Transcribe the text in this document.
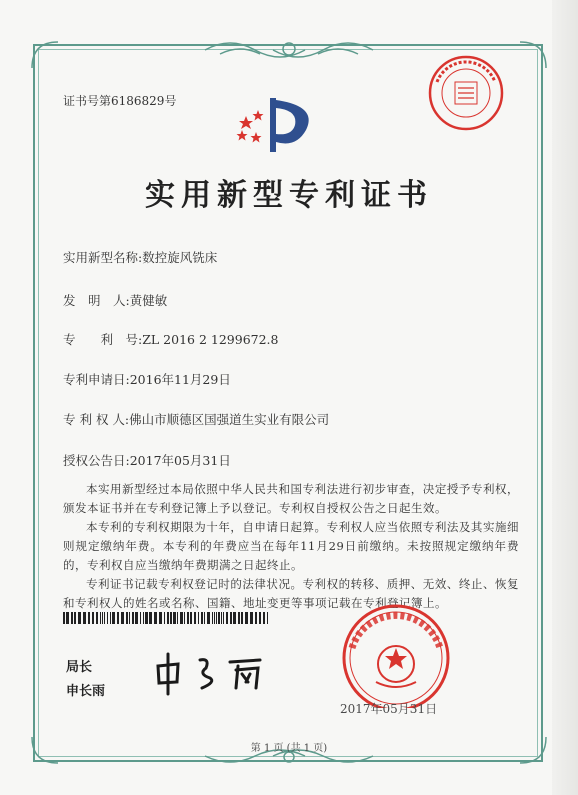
证书号第6186829号
实用新型专利证书
实用新型名称:数控旋风铣床
发　明　人:黄健敏
专　　利　号:ZL 2016 2 1299672.8
专利申请日:2016年11月29日
专 利 权 人:佛山市顺德区国强道生实业有限公司
授权公告日:2017年05月31日

本实用新型经过本局依照中华人民共和国专利法进行初步审查，决定授予专利权，颁发本证书并在专利登记簿上予以登记。专利权自授权公告之日起生效。

本专利的专利权期限为十年，自申请日起算。专利权人应当依照专利法及其实施细则规定缴纳年费。本专利的年费应当在每年11月29日前缴纳。未按照规定缴纳年费的，专利权自应当缴纳年费期满之日起终止。

专利证书记载专利权登记时的法律状况。专利权的转移、质押、无效、终止、恢复和专利权人的姓名或名称、国籍、地址变更等事项记载在专利登记簿上。

局长
申长雨
2017年05月31日
第 1 页 (共 1 页)
